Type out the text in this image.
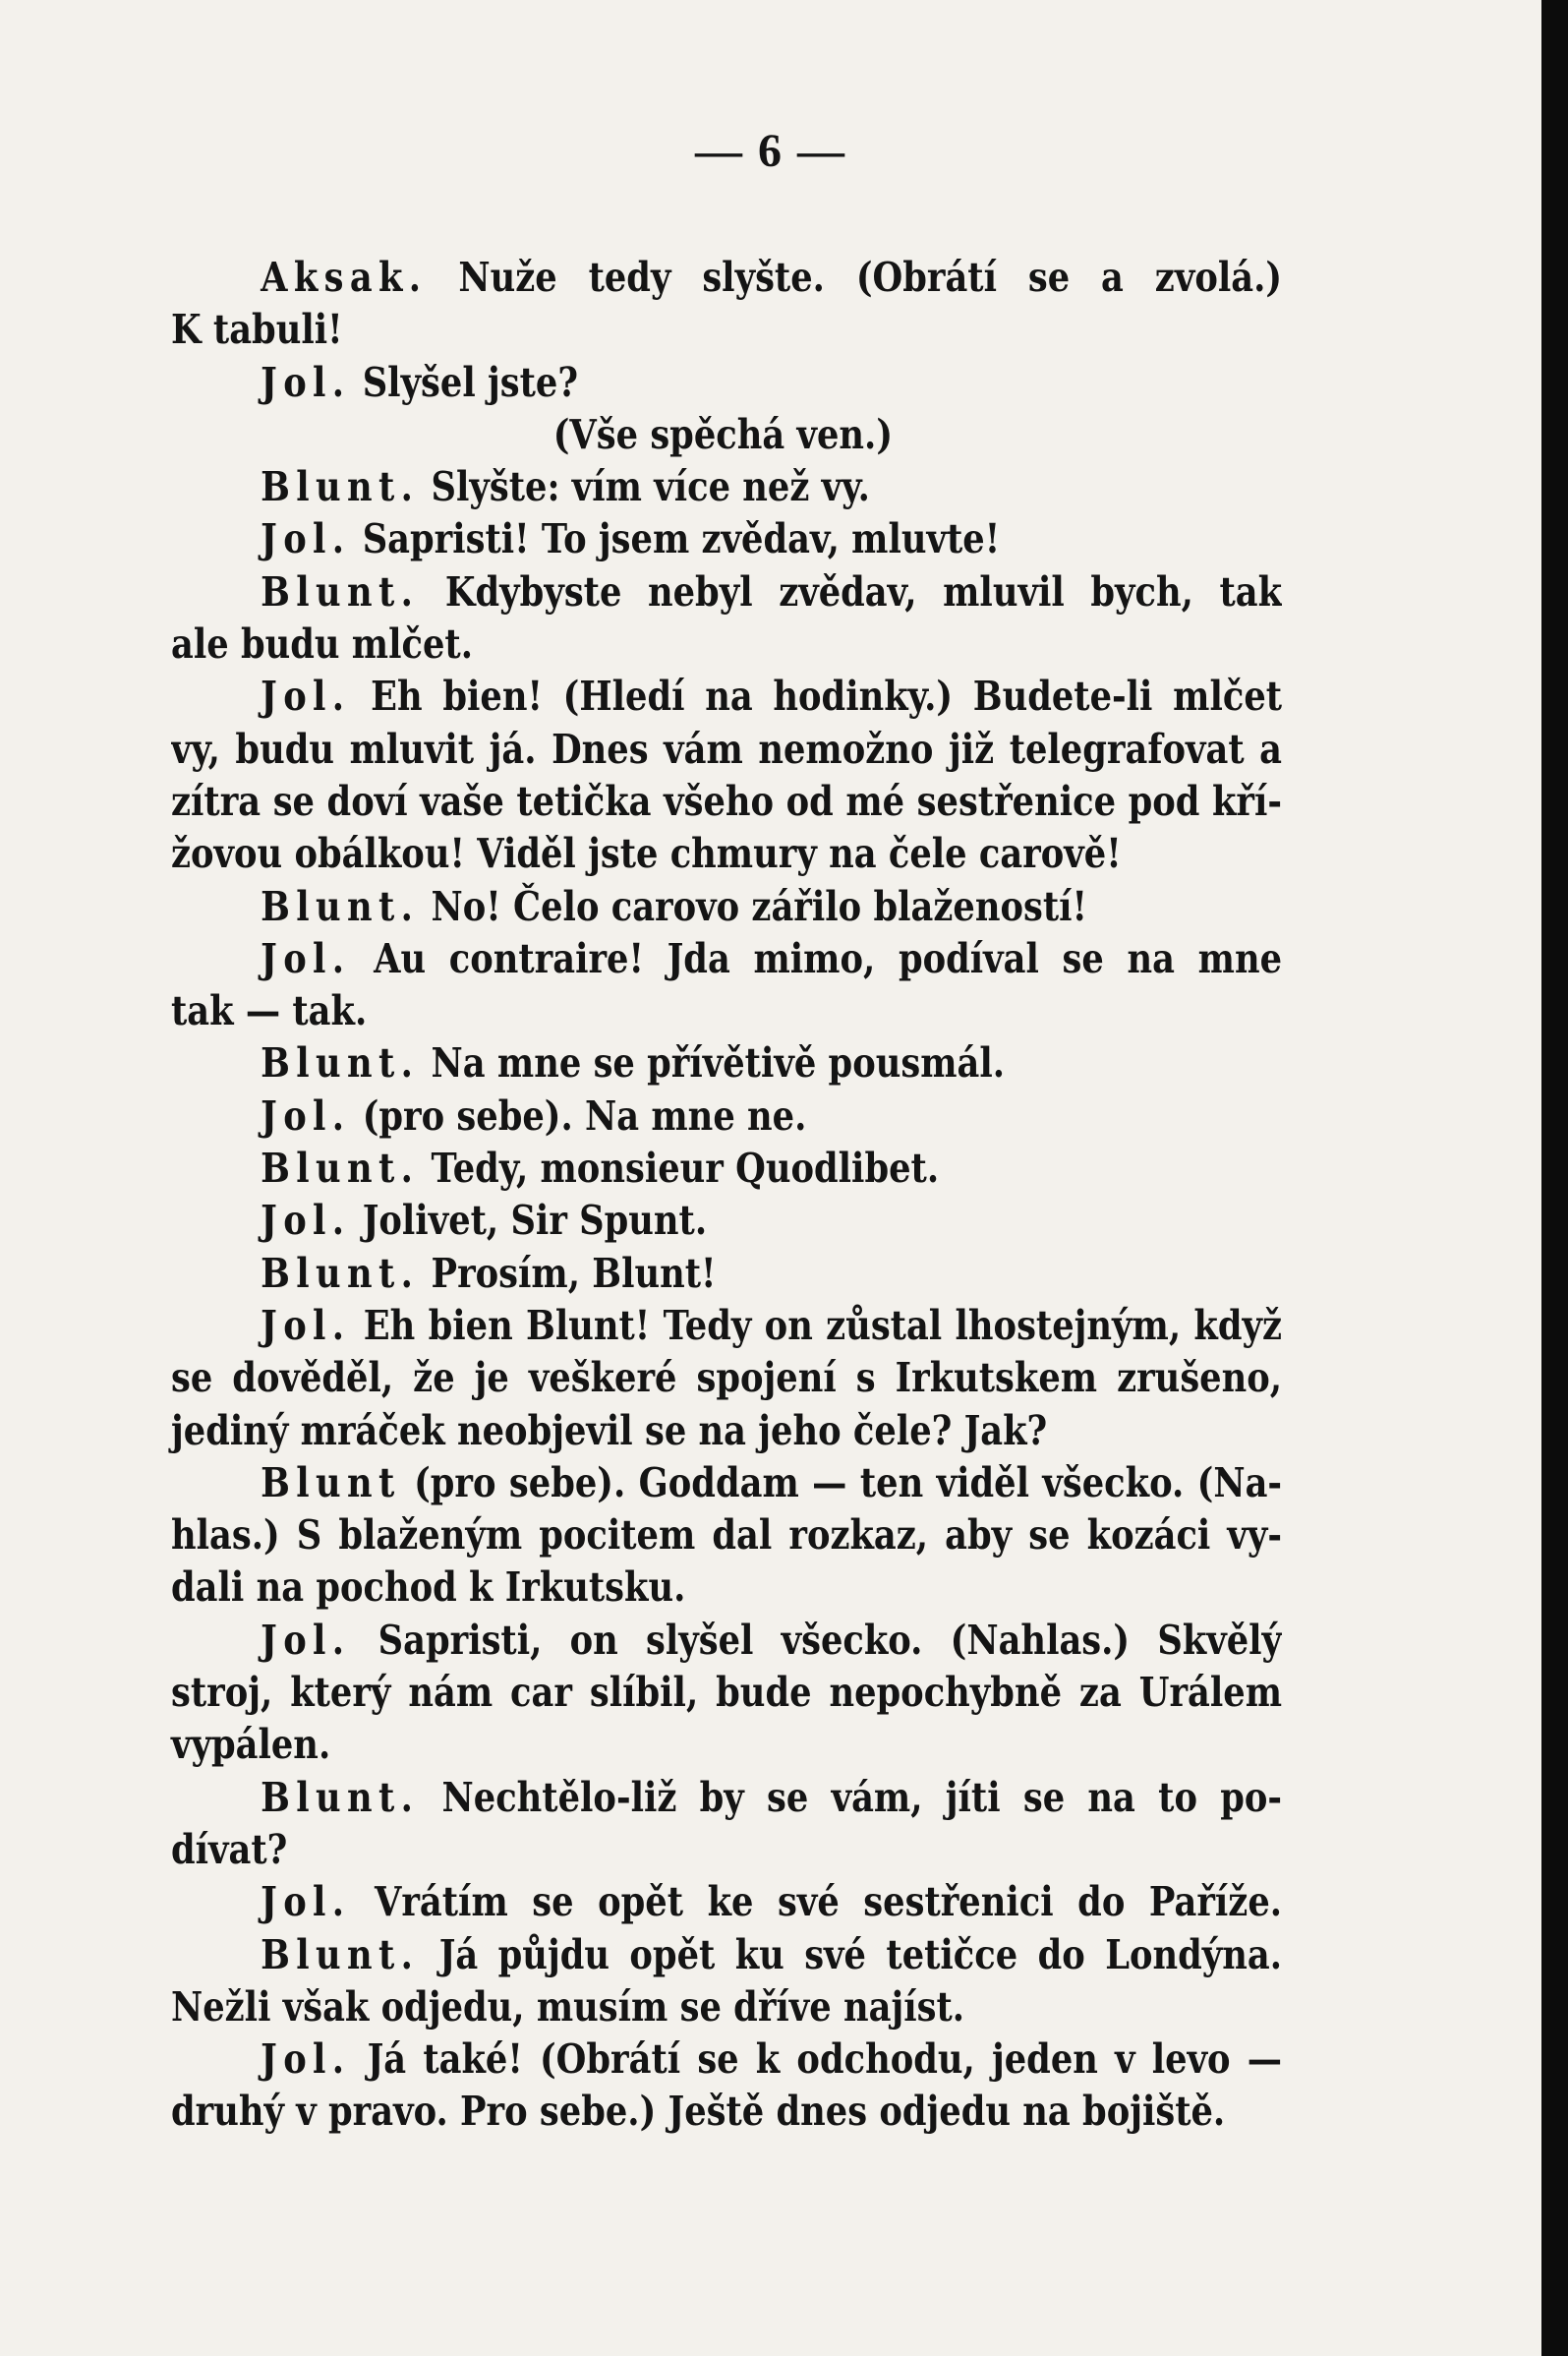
— 6 —
Aksak. Nuže tedy slyšte. (Obrátí se a zvolá.)
K tabuli!
Jol. Slyšel jste?
(Vše spěchá ven.)
Blunt. Slyšte: vím více než vy.
Jol. Sapristi! To jsem zvědav, mluvte!
Blunt. Kdybyste nebyl zvědav, mluvil bych, tak
ale budu mlčet.
Jol. Eh bien! (Hledí na hodinky.) Budete-li mlčet
vy, budu mluvit já. Dnes vám nemožno již telegrafovat a
zítra se doví vaše tetička všeho od mé sestřenice pod kří-
žovou obálkou! Viděl jste chmury na čele carově!
Blunt. No! Čelo carovo zářilo blažeností!
Jol. Au contraire! Jda mimo, podíval se na mne
tak — tak.
Blunt. Na mne se přívětivě pousmál.
Jol. (pro sebe). Na mne ne.
Blunt. Tedy, monsieur Quodlibet.
Jol. Jolivet, Sir Spunt.
Blunt. Prosím, Blunt!
Jol. Eh bien Blunt! Tedy on zůstal lhostejným, když
se dověděl, že je veškeré spojení s Irkutskem zrušeno,
jediný mráček neobjevil se na jeho čele? Jak?
Blunt (pro sebe). Goddam — ten viděl všecko. (Na-
hlas.) S blaženým pocitem dal rozkaz, aby se kozáci vy-
dali na pochod k Irkutsku.
Jol. Sapristi, on slyšel všecko. (Nahlas.) Skvělý
stroj, který nám car slíbil, bude nepochybně za Urálem
vypálen.
Blunt. Nechtělo-liž by se vám, jíti se na to po-
dívat?
Jol. Vrátím se opět ke své sestřenici do Paříže.
Blunt. Já půjdu opět ku své tetičce do Londýna.
Nežli však odjedu, musím se dříve najíst.
Jol. Já také! (Obrátí se k odchodu, jeden v levo —
druhý v pravo. Pro sebe.) Ještě dnes odjedu na bojiště.
